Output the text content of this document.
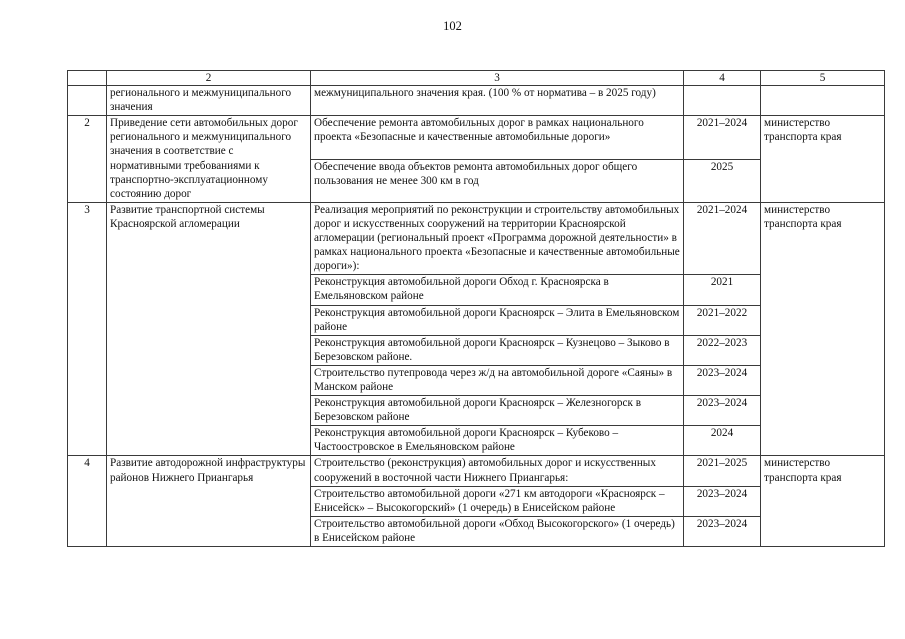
102
	2	3	4	5
	регионального и межмуниципального значения	межмуниципального значения края. (100 % от норматива – в 2025 году)		
2	Приведение сети автомобильных дорог регионального и межмуниципального значения в соответствие с нормативными требованиями к транспортно-эксплуатационному состоянию дорог	Обеспечение ремонта автомобильных дорог в рамках национального проекта «Безопасные и качественные автомобильные дороги»	2021–2024	министерство транспорта края
		Обеспечение ввода объектов ремонта автомобильных дорог общего пользования не менее 300 км в год	2025	
3	Развитие транспортной системы Красноярской агломерации	Реализация мероприятий по реконструкции и строительству автомобильных дорог и искусственных сооружений на территории Красноярской агломерации (региональный проект «Программа дорожной деятельности» в рамках национального проекта «Безопасные и качественные автомобильные дороги»):	2021–2024	министерство транспорта края
		Реконструкция автомобильной дороги Обход г. Красноярска в Емельяновском районе	2021	
		Реконструкция автомобильной дороги Красноярск – Элита в Емельяновском районе	2021–2022	
		Реконструкция автомобильной дороги Красноярск – Кузнецово – Зыково в Березовском районе.	2022–2023	
		Строительство путепровода через ж/д на автомобильной дороге «Саяны» в Манском районе	2023–2024	
		Реконструкция автомобильной дороги Красноярск – Железногорск в Березовском районе	2023–2024	
		Реконструкция автомобильной дороги Красноярск – Кубеково – Частоостровское в Емельяновском районе	2024	
4	Развитие автодорожной инфраструктуры районов Нижнего Приангарья	Строительство (реконструкция) автомобильных дорог и искусственных сооружений в восточной части Нижнего Приангарья:	2021–2025	министерство транспорта края
		Строительство автомобильной дороги «271 км автодороги «Красноярск – Енисейск» – Высокогорский» (1 очередь) в Енисейском районе	2023–2024	
		Строительство автомобильной дороги «Обход Высокогорского» (1 очередь) в Енисейском районе	2023–2024	
